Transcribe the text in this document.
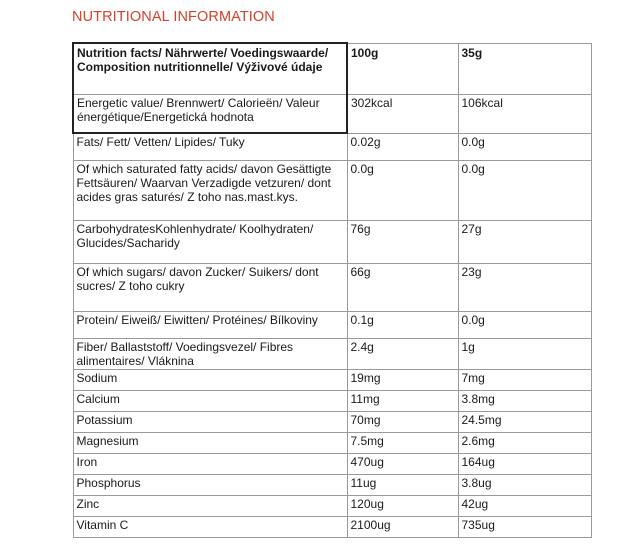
NUTRITIONAL INFORMATION
Nutrition facts/ Nährwerte/ Voedingswaarde/ Composition nutritionnelle/ Výživové údaje	100g	35g
Energetic value/ Brennwert/ Calorieën/ Valeur énergétique/Energetická hodnota	302kcal	106kcal
Fats/ Fett/ Vetten/ Lipides/ Tuky	0.02g	0.0g
Of which saturated fatty acids/ davon Gesättigte Fettsäuren/ Waarvan Verzadigde vetzuren/ dont acides gras saturés/ Z toho nas.mast.kys.	0.0g	0.0g
CarbohydratesKohlenhydrate/ Koolhydraten/ Glucides/Sacharidy	76g	27g
Of which sugars/ davon Zucker/ Suikers/ dont sucres/ Z toho cukry	66g	23g
Protein/ Eiweiß/ Eiwitten/ Protéines/ Bílkoviny	0.1g	0.0g
Fiber/ Ballaststoff/ Voedingsvezel/ Fibres alimentaires/ Vláknina	2.4g	1g
Sodium	19mg	7mg
Calcium	11mg	3.8mg
Potassium	70mg	24.5mg
Magnesium	7.5mg	2.6mg
Iron	470ug	164ug
Phosphorus	11ug	3.8ug
Zinc	120ug	42ug
Vitamin C	2100ug	735ug
